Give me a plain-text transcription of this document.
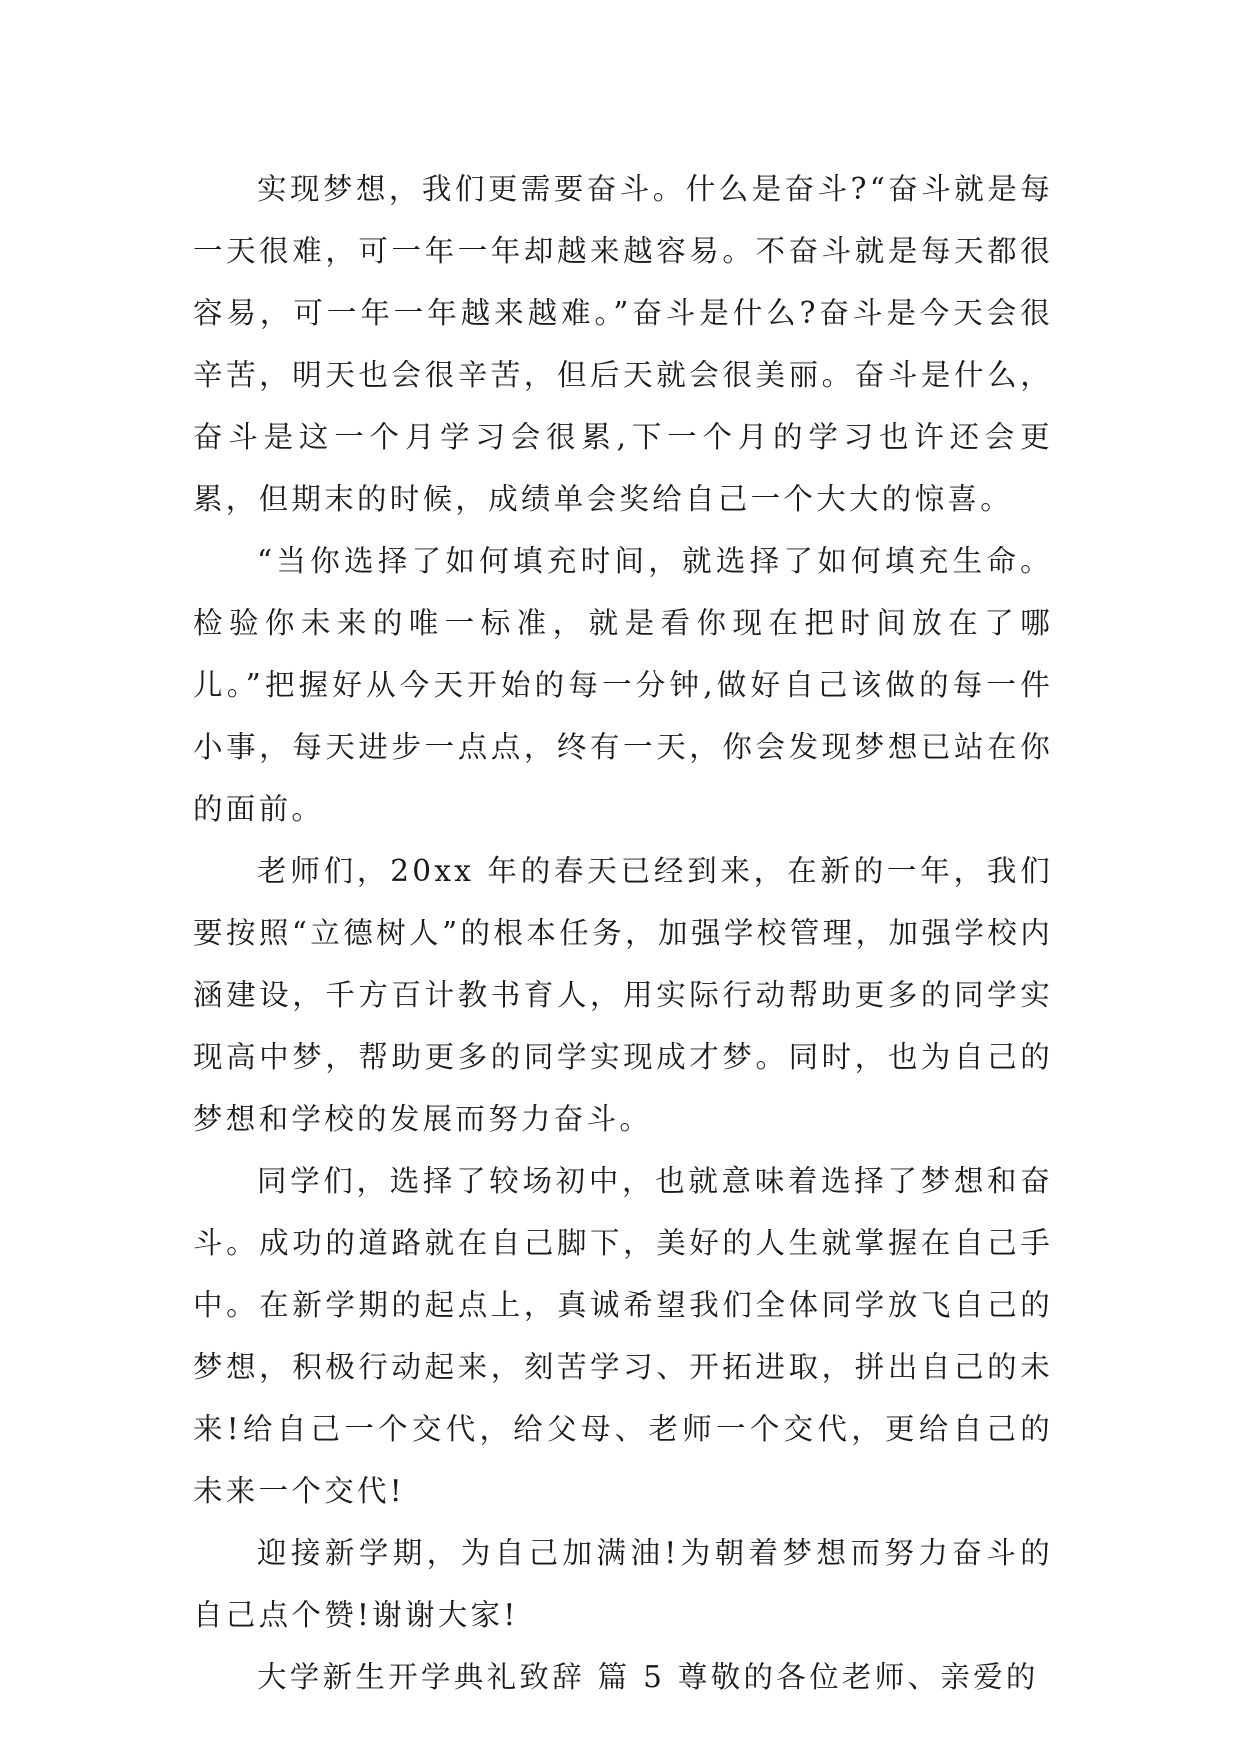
实现梦想，我们更需要奋斗。什么是奋斗?“奋斗就是每一天很难，可一年一年却越来越容易。不奋斗就是每天都很容易，可一年一年越来越难。”奋斗是什么?奋斗是今天会很辛苦，明天也会很辛苦，但后天就会很美丽。奋斗是什么，奋斗是这一个月学习会很累,下一个月的学习也许还会更累，但期末的时候，成绩单会奖给自己一个大大的惊喜。

“当你选择了如何填充时间，就选择了如何填充生命。检验你未来的唯一标准，就是看你现在把时间放在了哪儿。”把握好从今天开始的每一分钟,做好自己该做的每一件小事，每天进步一点点，终有一天，你会发现梦想已站在你的面前。

老师们，20xx 年的春天已经到来，在新的一年，我们要按照“立德树人”的根本任务，加强学校管理，加强学校内涵建设，千方百计教书育人，用实际行动帮助更多的同学实现高中梦，帮助更多的同学实现成才梦。同时，也为自己的梦想和学校的发展而努力奋斗。

同学们，选择了较场初中，也就意味着选择了梦想和奋斗。成功的道路就在自己脚下，美好的人生就掌握在自己手中。在新学期的起点上，真诚希望我们全体同学放飞自己的梦想，积极行动起来，刻苦学习、开拓进取，拼出自己的未来!给自己一个交代，给父母、老师一个交代，更给自己的未来一个交代!

迎接新学期，为自己加满油!为朝着梦想而努力奋斗的自己点个赞!谢谢大家!

大学新生开学典礼致辞 篇 5 尊敬的各位老师、亲爱的
